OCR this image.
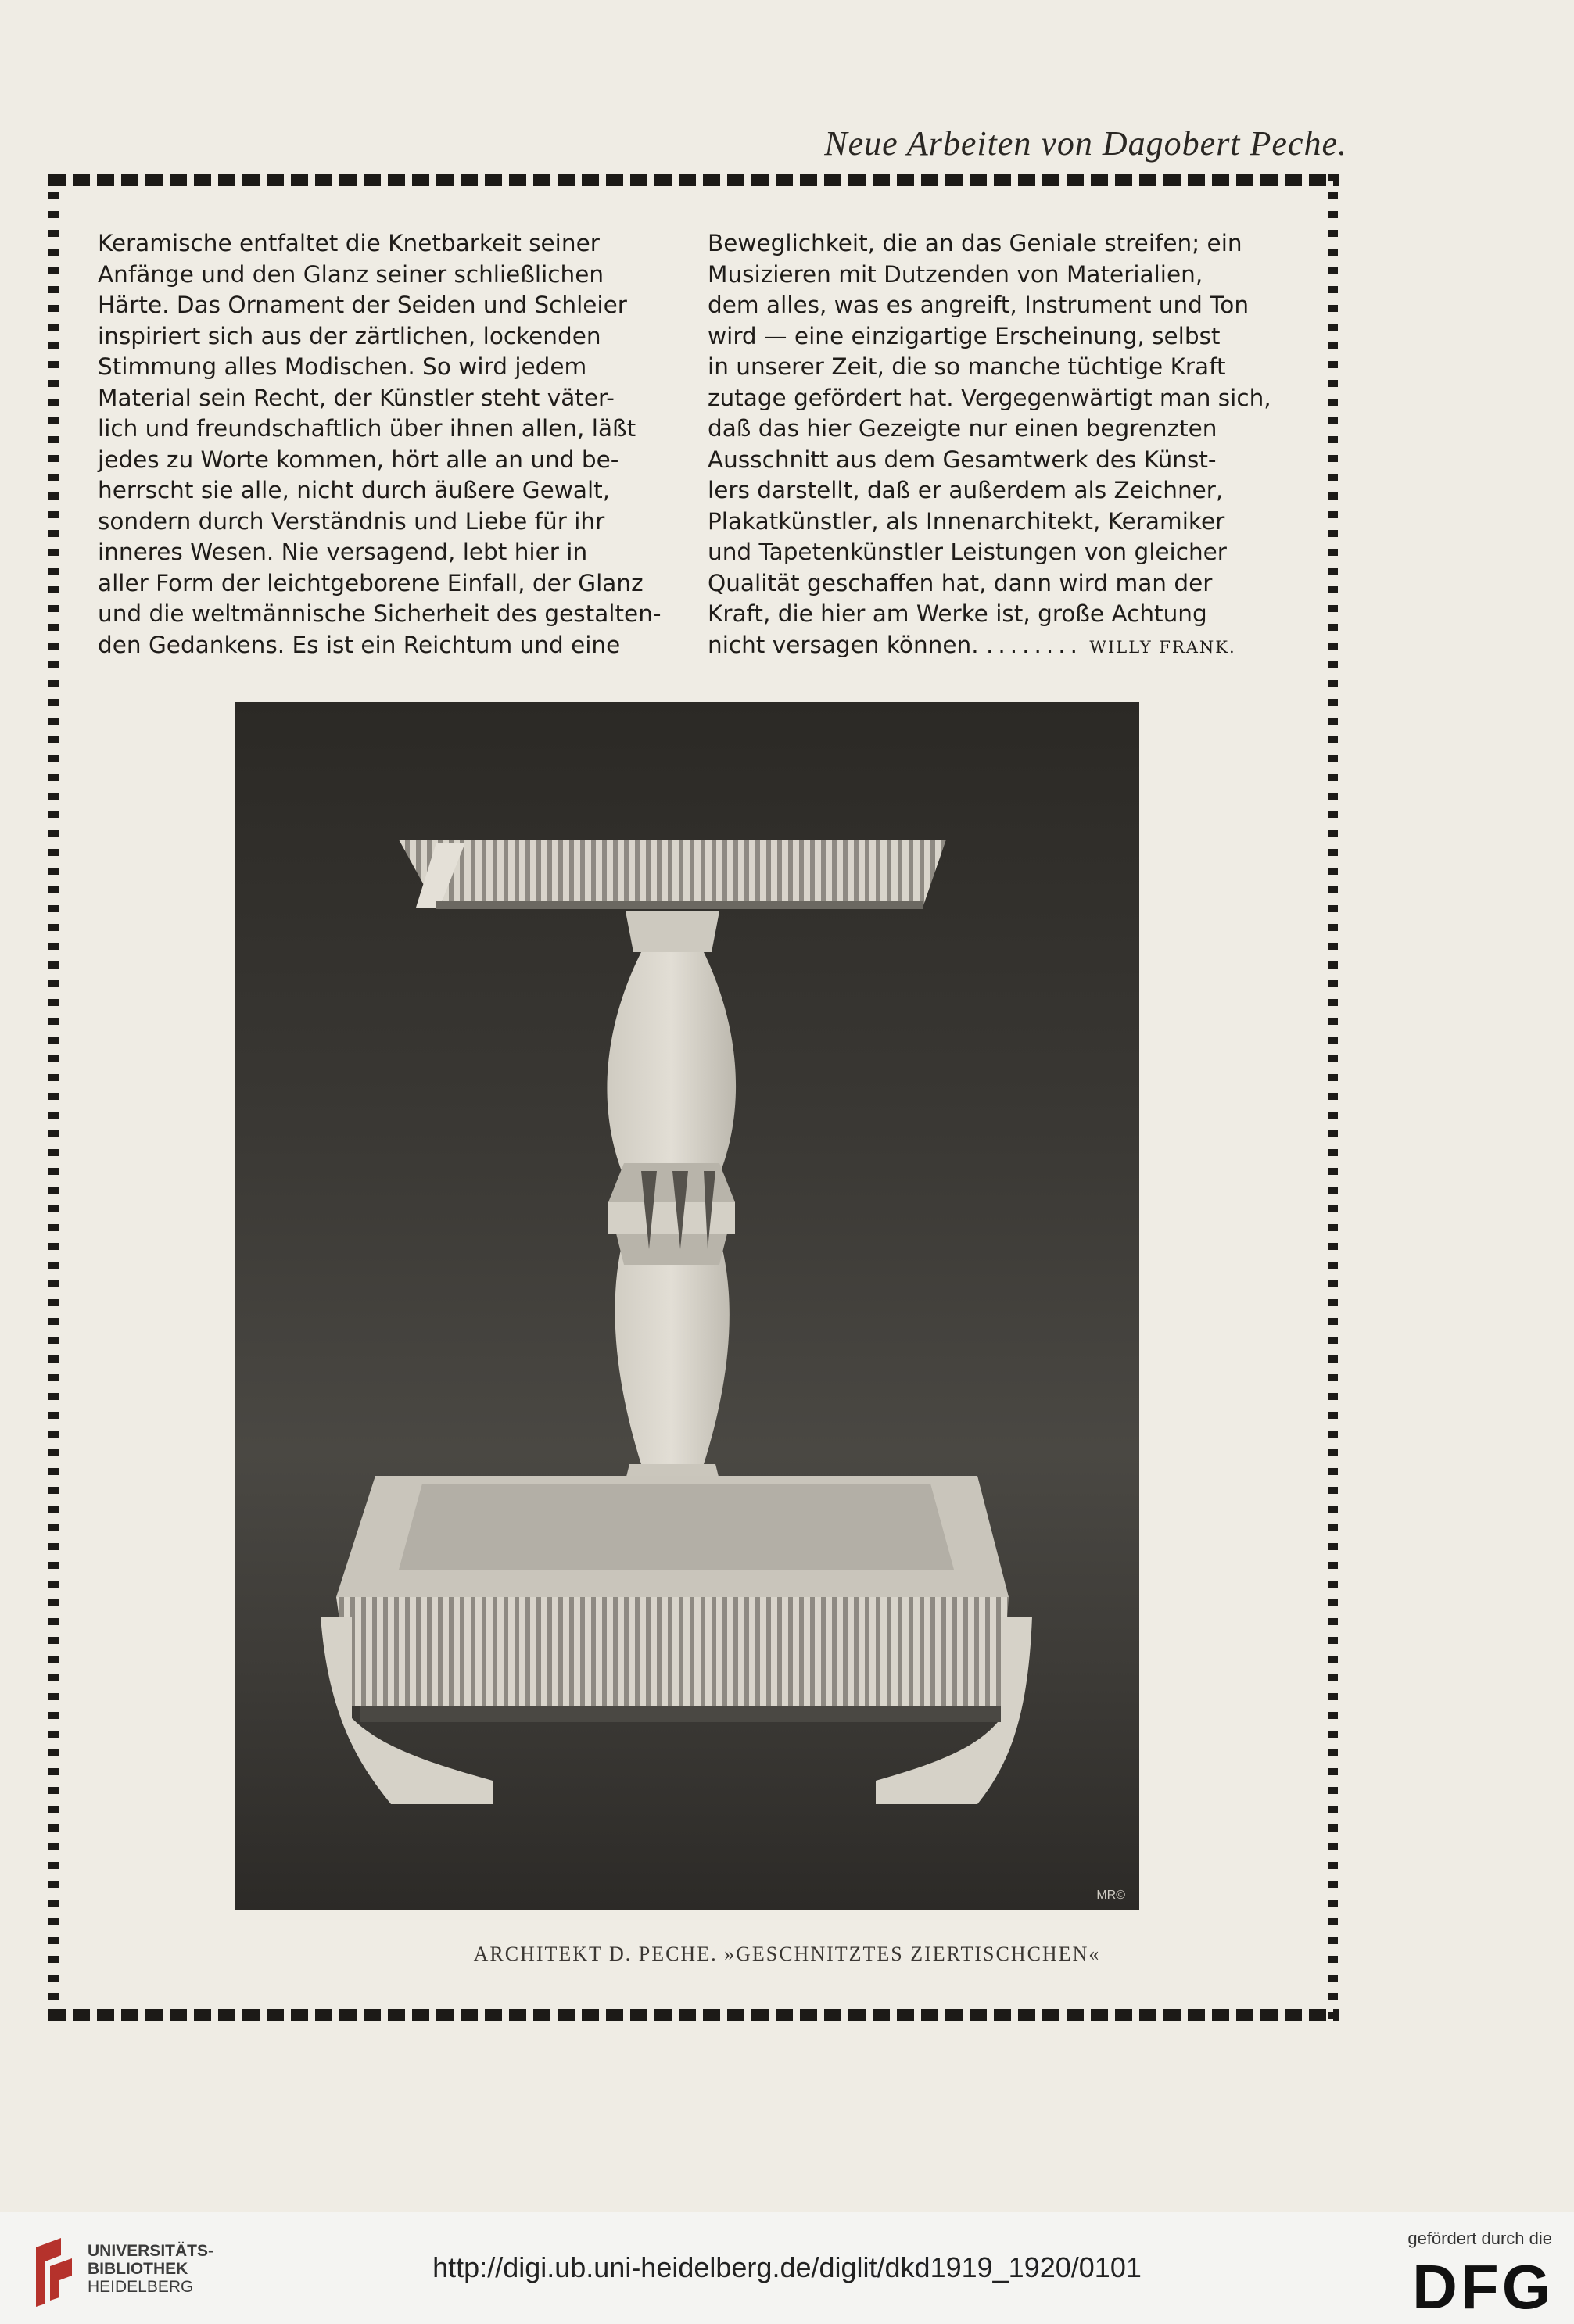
Neue Arbeiten von Dagobert Peche.

Keramische entfaltet die Knetbarkeit seiner

Anfänge und den Glanz seiner schließlichen

Härte. Das Ornament der Seiden und Schleier

inspiriert sich aus der zärtlichen, lockenden

Stimmung alles Modischen. So wird jedem

Material sein Recht, der Künstler steht väter-

lich und freundschaftlich über ihnen allen, läßt

jedes zu Worte kommen, hört alle an und be-

herrscht sie alle, nicht durch äußere Gewalt,

sondern durch Verständnis und Liebe für ihr

inneres Wesen. Nie versagend, lebt hier in

aller Form der leichtgeborene Einfall, der Glanz

und die weltmännische Sicherheit des gestalten-

den Gedankens. Es ist ein Reichtum und eine

Beweglichkeit, die an das Geniale streifen; ein

Musizieren mit Dutzenden von Materialien,

dem alles, was es angreift, Instrument und Ton

wird — eine einzigartige Erscheinung, selbst

in unserer Zeit, die so manche tüchtige Kraft

zutage gefördert hat. Vergegenwärtigt man sich,

daß das hier Gezeigte nur einen begrenzten

Ausschnitt aus dem Gesamtwerk des Künst-

lers darstellt, daß er außerdem als Zeichner,

Plakatkünstler, als Innenarchitekt, Keramiker

und Tapetenkünstler Leistungen von gleicher

Qualität geschaffen hat, dann wird man der

Kraft, die hier am Werke ist, große Achtung

nicht versagen können. ........ WILLY FRANK.

MR©
ARCHITEKT D. PECHE. »GESCHNITZTES ZIERTISCHCHEN«
UNIVERSITÄTS-
BIBLIOTHEK
HEIDELBERG
http://digi.ub.uni-heidelberg.de/diglit/dkd1919_1920/0101
gefördert durch die
DFG
